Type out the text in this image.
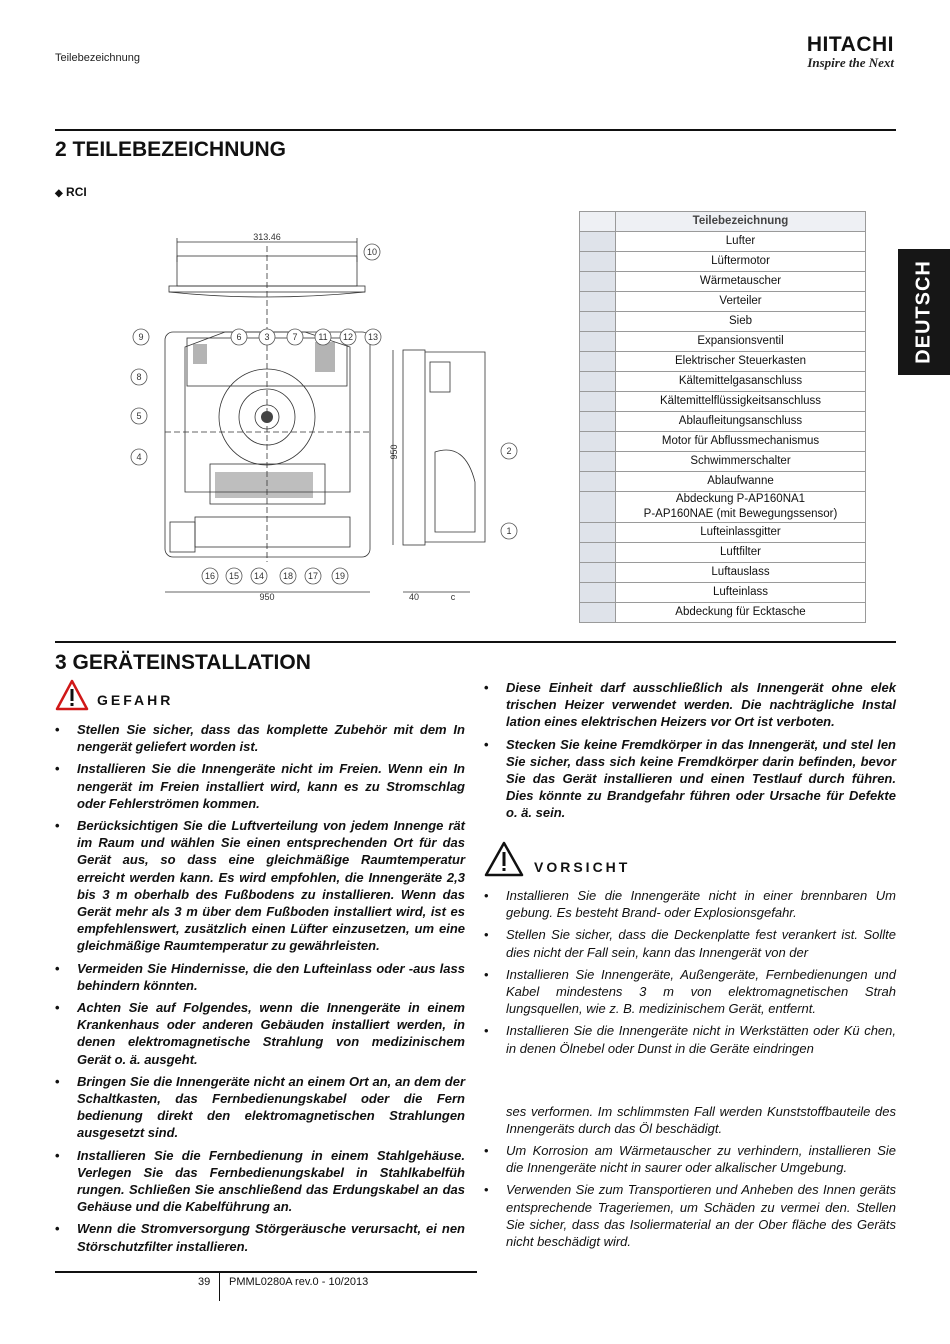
Teilebezeichnung
HITACHI
Inspire the Next
DEUTSCH
2 TEILEBEZEICHNUNG
◆ RCI
313.46
950	40	c
950
10
9	6	3	7 11 12 13
8
5
4
2
1
16 15 14 18 17 19
	Teilebezeichnung
	Lufter
	Lüftermotor
	Wärmetauscher
	Verteiler
	Sieb
	Expansionsventil
	Elektrischer Steuerkasten
	Kältemittelgasanschluss
	Kältemittelflüssigkeitsanschluss
	Ablaufleitungsanschluss
	Motor für Abflussmechanismus
	Schwimmerschalter
	Ablaufwanne
	Abdeckung P-AP160NA1
P-AP160NAE (mit Bewegungssensor)
	Lufteinlassgitter
	Luftfilter
	Luftauslass
	Lufteinlass
	Abdeckung für Ecktasche
3 GERÄTEINSTALLATION
GEFAHR
• Stellen Sie sicher, dass das komplette Zubehör mit dem In nengerät geliefert worden ist.
• Installieren Sie die Innengeräte nicht im Freien. Wenn ein In nengerät im Freien installiert wird, kann es zu Stromschlag oder Fehlerströmen kommen.
• Berücksichtigen Sie die Luftverteilung von jedem Innenge rät im Raum und wählen Sie einen entsprechenden Ort für das Gerät aus, so dass eine gleichmäßige Raumtemperatur erreicht werden kann. Es wird empfohlen, die Innengeräte 2,3 bis 3 m oberhalb des Fußbodens zu installieren. Wenn das Gerät mehr als 3 m über dem Fußboden installiert wird, ist es empfehlenswert, zusätzlich einen Lüfter einzusetzen, um eine gleichmäßige Raumtemperatur zu gewährleisten.
• Vermeiden Sie Hindernisse, die den Lufteinlass oder -aus lass behindern könnten.
• Achten Sie auf Folgendes, wenn die Innengeräte in einem Krankenhaus oder anderen Gebäuden installiert werden, in denen elektromagnetische Strahlung von medizinischem Gerät o. ä. ausgeht.
• Bringen Sie die Innengeräte nicht an einem Ort an, an dem der Schaltkasten, das Fernbedienungskabel oder die Fern bedienung direkt den elektromagnetischen Strahlungen ausgesetzt sind.
• Installieren Sie die Fernbedienung in einem Stahlgehäuse. Verlegen Sie das Fernbedienungskabel in Stahlkabelfüh rungen. Schließen Sie anschließend das Erdungskabel an das Gehäuse und die Kabelführung an.
• Wenn die Stromversorgung Störgeräusche verursacht, ei nen Störschutzfilter installieren.
• Diese Einheit darf ausschließlich als Innengerät ohne elek trischen Heizer verwendet werden. Die nachträgliche Instal lation eines elektrischen Heizers vor Ort ist verboten.
• Stecken Sie keine Fremdkörper in das Innengerät, und stel len Sie sicher, dass sich keine Fremdkörper darin befinden, bevor Sie das Gerät installieren und einen Testlauf durch führen. Dies könnte zu Brandgefahr führen oder Ursache für Defekte o. ä. sein.
VORSICHT
• Installieren Sie die Innengeräte nicht in einer brennbaren Um gebung. Es besteht Brand- oder Explosionsgefahr.
• Stellen Sie sicher, dass die Deckenplatte fest verankert ist. Sollte dies nicht der Fall sein, kann das Innengerät von der
• Installieren Sie Innengeräte, Außengeräte, Fernbedienungen und Kabel mindestens 3 m von elektromagnetischen Strah lungsquellen, wie z. B. medizinischem Gerät, entfernt.
• Installieren Sie die Innengeräte nicht in Werkstätten oder Kü chen, in denen Ölnebel oder Dunst in die Geräte eindringen
ses verformen. Im schlimmsten Fall werden Kunststoffbauteile des Innengeräts durch das Öl beschädigt.
• Um Korrosion am Wärmetauscher zu verhindern, installieren Sie die Innengeräte nicht in saurer oder alkalischer Umgebung.
• Verwenden Sie zum Transportieren und Anheben des Innen geräts entsprechende Trageriemen, um Schäden zu vermei den. Stellen Sie sicher, dass das Isoliermaterial an der Ober fläche des Geräts nicht beschädigt wird.
39 PMML0280A rev.0 - 10/2013
